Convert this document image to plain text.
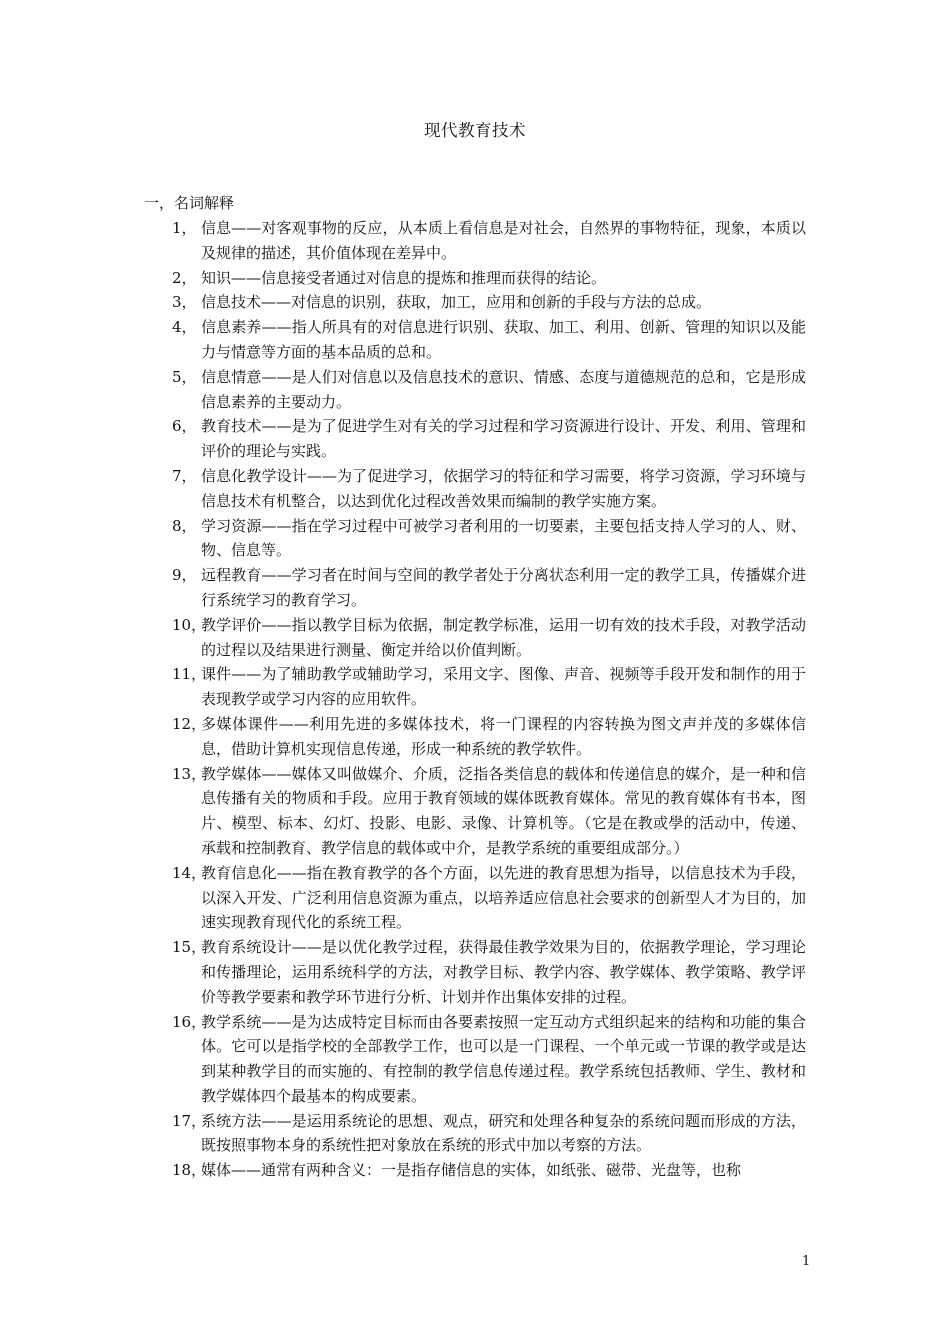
现代教育技术
一，名词解释
1， 信息——对客观事物的反应，从本质上看信息是对社会，自然界的事物特征，现象，本质以及规律的描述，其价值体现在差异中。

2， 知识——信息接受者通过对信息的提炼和推理而获得的结论。

3， 信息技术——对信息的识别，获取，加工，应用和创新的手段与方法的总成。

4， 信息素养——指人所具有的对信息进行识别、获取、加工、利用、创新、管理的知识以及能力与情意等方面的基本品质的总和。

5， 信息情意——是人们对信息以及信息技术的意识、情感、态度与道德规范的总和，它是形成信息素养的主要动力。

6， 教育技术——是为了促进学生对有关的学习过程和学习资源进行设计、开发、利用、管理和评价的理论与实践。

7， 信息化教学设计——为了促进学习，依据学习的特征和学习需要，将学习资源，学习环境与信息技术有机整合，以达到优化过程改善效果而编制的教学实施方案。

8， 学习资源——指在学习过程中可被学习者利用的一切要素，主要包括支持人学习的人、财、物、信息等。

9， 远程教育——学习者在时间与空间的教学者处于分离状态利用一定的教学工具，传播媒介进行系统学习的教育学习。

10，

教学评价——指以教学目标为依据，制定教学标准，运用一切有效的技术手段，对教学活动的过程以及结果进行测量、衡定并给以价值判断。

11，

课件——为了辅助教学或辅助学习，采用文字、图像、声音、视频等手段开发和制作的用于表现教学或学习内容的应用软件。

12，

多媒体课件——利用先进的多媒体技术，将一门课程的内容转换为图文声并茂的多媒体信息，借助计算机实现信息传递，形成一种系统的教学软件。

13，

教学媒体——媒体又叫做媒介、介质，泛指各类信息的载体和传递信息的媒介，是一种和信息传播有关的物质和手段。应用于教育领域的媒体既教育媒体。常见的教育媒体有书本，图片、模型、标本、幻灯、投影、电影、录像、计算机等。（它是在教或學的活动中，传递、承载和控制教育、教学信息的载体或中介，是教学系统的重要组成部分。）

14，

教育信息化——指在教育教学的各个方面，以先进的教育思想为指导，以信息技术为手段，以深入开发、广泛利用信息资源为重点，以培养适应信息社会要求的创新型人才为目的，加速实现教育现代化的系统工程。

15，

教育系统设计——是以优化教学过程，获得最佳教学效果为目的，依据教学理论，学习理论和传播理论，运用系统科学的方法，对教学目标、教学内容、教学媒体、教学策略、教学评价等教学要素和教学环节进行分析、计划并作出集体安排的过程。

16，

教学系统——是为达成特定目标而由各要素按照一定互动方式组织起来的结构和功能的集合体。它可以是指学校的全部教学工作，也可以是一门课程、一个单元或一节课的教学或是达到某种教学目的而实施的、有控制的教学信息传递过程。教学系统包括教师、学生、教材和教学媒体四个最基本的构成要素。

17，

系统方法——是运用系统论的思想、观点，研究和处理各种复杂的系统问题而形成的方法，既按照事物本身的系统性把对象放在系统的形式中加以考察的方法。

18，

媒体——通常有两种含义：一是指存储信息的实体，如纸张、磁带、光盘等，也称

1
